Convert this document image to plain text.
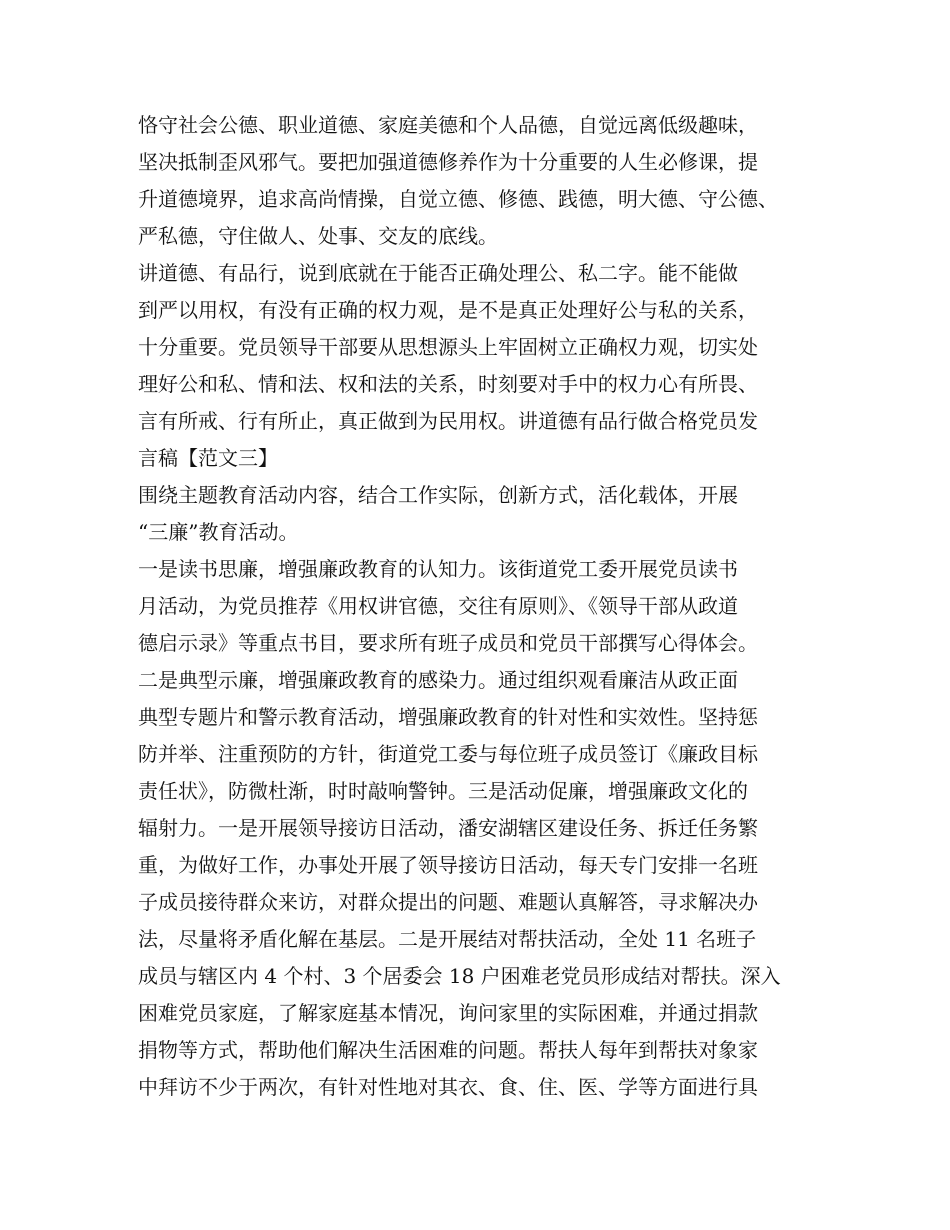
恪守社会公德、职业道德、家庭美德和个人品德，自觉远离低级趣味，
坚决抵制歪风邪气。要把加强道德修养作为十分重要的人生必修课，提
升道德境界，追求高尚情操，自觉立德、修德、践德，明大德、守公德、
严私德，守住做人、处事、交友的底线。
讲道德、有品行，说到底就在于能否正确处理公、私二字。能不能做
到严以用权，有没有正确的权力观，是不是真正处理好公与私的关系，
十分重要。党员领导干部要从思想源头上牢固树立正确权力观，切实处
理好公和私、情和法、权和法的关系，时刻要对手中的权力心有所畏、
言有所戒、行有所止，真正做到为民用权。讲道德有品行做合格党员发
言稿【范文三】
围绕主题教育活动内容，结合工作实际，创新方式，活化载体，开展
“三廉”教育活动。
一是读书思廉，增强廉政教育的认知力。该街道党工委开展党员读书
月活动，为党员推荐《用权讲官德，交往有原则》、《领导干部从政道
德启示录》等重点书目，要求所有班子成员和党员干部撰写心得体会。
二是典型示廉，增强廉政教育的感染力。通过组织观看廉洁从政正面
典型专题片和警示教育活动，增强廉政教育的针对性和实效性。坚持惩
防并举、注重预防的方针，街道党工委与每位班子成员签订《廉政目标
责任状》，防微杜渐，时时敲响警钟。三是活动促廉，增强廉政文化的
辐射力。一是开展领导接访日活动，潘安湖辖区建设任务、拆迁任务繁
重，为做好工作，办事处开展了领导接访日活动，每天专门安排一名班
子成员接待群众来访，对群众提出的问题、难题认真解答，寻求解决办
法，尽量将矛盾化解在基层。二是开展结对帮扶活动，全处 11 名班子
成员与辖区内 4 个村、3 个居委会 18 户困难老党员形成结对帮扶。深入
困难党员家庭，了解家庭基本情况，询问家里的实际困难，并通过捐款
捐物等方式，帮助他们解决生活困难的问题。帮扶人每年到帮扶对象家
中拜访不少于两次，有针对性地对其衣、食、住、医、学等方面进行具
